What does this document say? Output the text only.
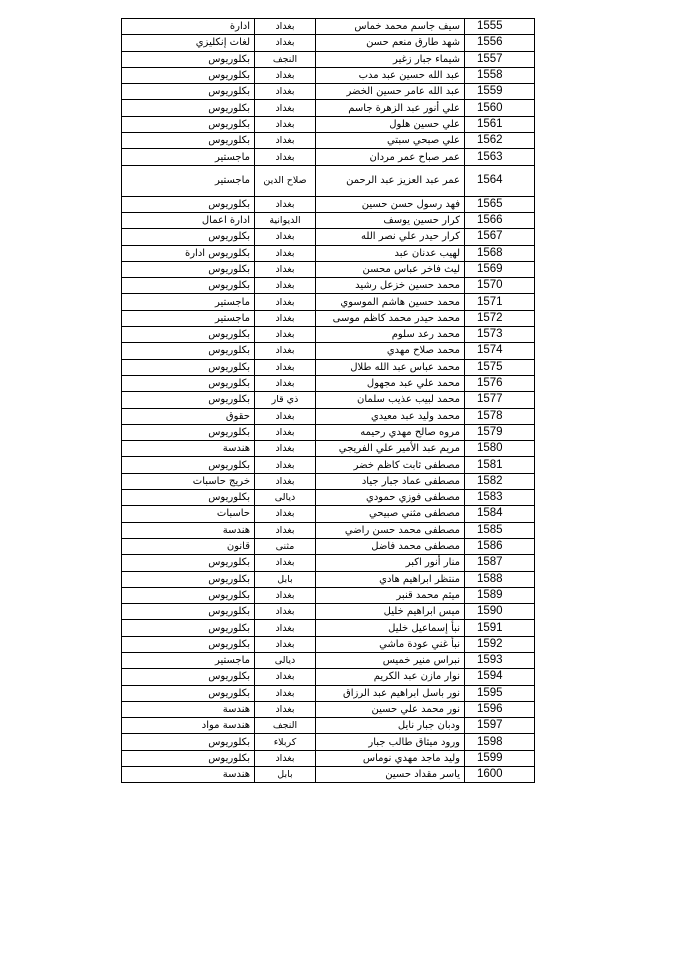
1555	سيف جاسم محمد خماس	بغداد	ادارة
1556	شهد طارق منعم حسن	بغداد	لغات إنكليزي
1557	شيماء جبار زغير	النجف	بكلوريوس
1558	عبد الله حسين عبد مدب	بغداد	بكلوريوس
1559	عبد الله عامر حسين الخضر	بغداد	بكلوريوس
1560	علي أنور عبد الزهرة جاسم	بغداد	بكلوريوس
1561	علي حسين هلول	بغداد	بكلوريوس
1562	علي صبحي سبتي	بغداد	بكلوريوس
1563	عمر صباح عمر مردان	بغداد	ماجستير
1564	عمر عبد العزيز عبد الرحمن	صلاح الدين	ماجستير
1565	فهد رسول حسن حسين	بغداد	بكلوريوس
1566	كرار حسين يوسف	الديوانية	ادارة اعمال
1567	كرار حيدر علي نصر الله	بغداد	بكلوريوس
1568	لهيب عدنان عبد	بغداد	بكلوريوس ادارة
1569	ليث فاخر عباس محسن	بغداد	بكلوريوس
1570	محمد حسين خزعل رشيد	بغداد	بكلوريوس
1571	محمد حسين هاشم الموسوي	بغداد	ماجستير
1572	محمد حيدر محمد كاظم موسى	بغداد	ماجستير
1573	محمد رعد سلوم	بغداد	بكلوريوس
1574	محمد صلاح مهدي	بغداد	بكلوريوس
1575	محمد عباس عبد الله طلال	بغداد	بكلوريوس
1576	محمد علي عبد مجهول	بغداد	بكلوريوس
1577	محمد لبيب عذيب سلمان	ذي قار	بكلوريوس
1578	محمد وليد عبد معيدي	بغداد	حقوق
1579	مروه صالح مهدي رحيمه	بغداد	بكلوريوس
1580	مريم عبد الأمير علي الفريجي	بغداد	هندسة
1581	مصطفى ثابت كاظم خضر	بغداد	بكلوريوس
1582	مصطفى عماد جبار جياد	بغداد	خريج حاسبات
1583	مصطفى فوزي حمودي	ديالى	بكلوريوس
1584	مصطفى مثني صبيحي	بغداد	حاسبات
1585	مصطفى محمد حسن راضي	بغداد	هندسة
1586	مصطفى محمد فاضل	مثنى	قانون
1587	منار أنور اكبر	بغداد	بكلوريوس
1588	منتظر ابراهيم هادي	بابل	بكلوريوس
1589	ميثم محمد قنبر	بغداد	بكلوريوس
1590	ميس ابراهيم خليل	بغداد	بكلوريوس
1591	نبأ إسماعيل خليل	بغداد	بكلوريوس
1592	نبأ غني عودة ماشي	بغداد	بكلوريوس
1593	نبراس منير خميس	ديالى	ماجستير
1594	نوار مازن عبد الكريم	بغداد	بكلوريوس
1595	نور باسل ابراهيم عبد الرزاق	بغداد	بكلوريوس
1596	نور محمد علي حسين	بغداد	هندسة
1597	ودبان جبار نايل	النجف	هندسة مواد
1598	ورود ميثاق طالب جبار	كربلاء	بكلوريوس
1599	وليد ماجد مهدي نوماس	بغداد	بكلوريوس
1600	ياسر مقداد حسين	بابل	هندسة
